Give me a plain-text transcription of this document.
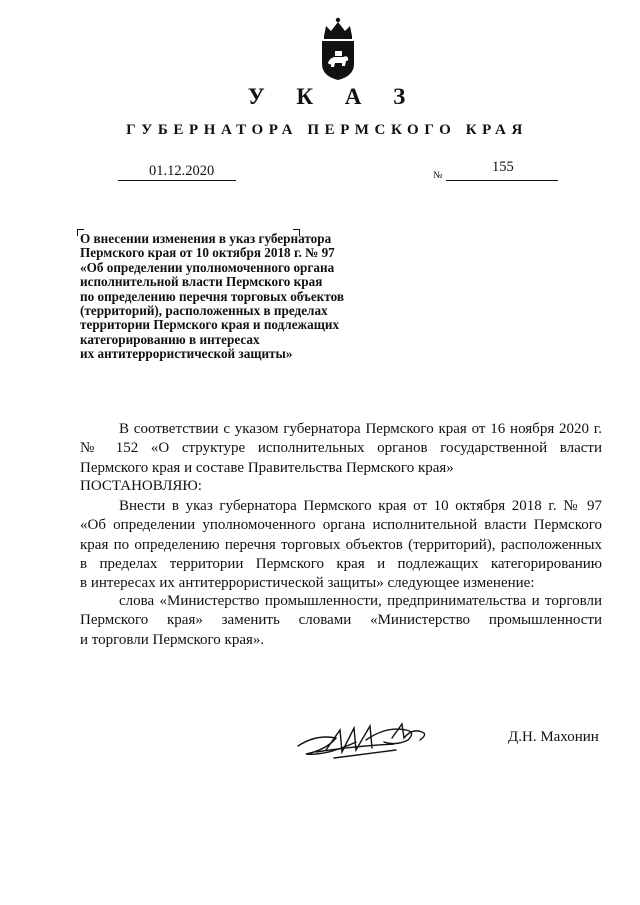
У К А З
ГУБЕРНАТОРА ПЕРМСКОГО КРАЯ
01.12.2020	№
155
О внесении изменения в указ губернатора
Пермского края от 10 октября 2018 г. № 97
«Об определении уполномоченного органа
исполнительной власти Пермского края
по определению перечня торговых объектов
(территорий), расположенных в пределах
территории Пермского края и подлежащих
категорированию в интересах
их антитеррористической защиты»
В соответствии с указом губернатора Пермского края от 16 ноября 2020 г.
№ 152 «О структуре исполнительных органов государственной власти
Пермского края и составе Правительства Пермского края»
ПОСТАНОВЛЯЮ:
Внести в указ губернатора Пермского края от 10 октября 2018 г. № 97
«Об определении уполномоченного органа исполнительной власти Пермского
края по определению перечня торговых объектов (территорий), расположенных
в пределах территории Пермского края и подлежащих категорированию
в интересах их антитеррористической защиты» следующее изменение:
слова «Министерство промышленности, предпринимательства и торговли
Пермского края» заменить словами «Министерство промышленности
и торговли Пермского края».
Д.Н. Махонин
